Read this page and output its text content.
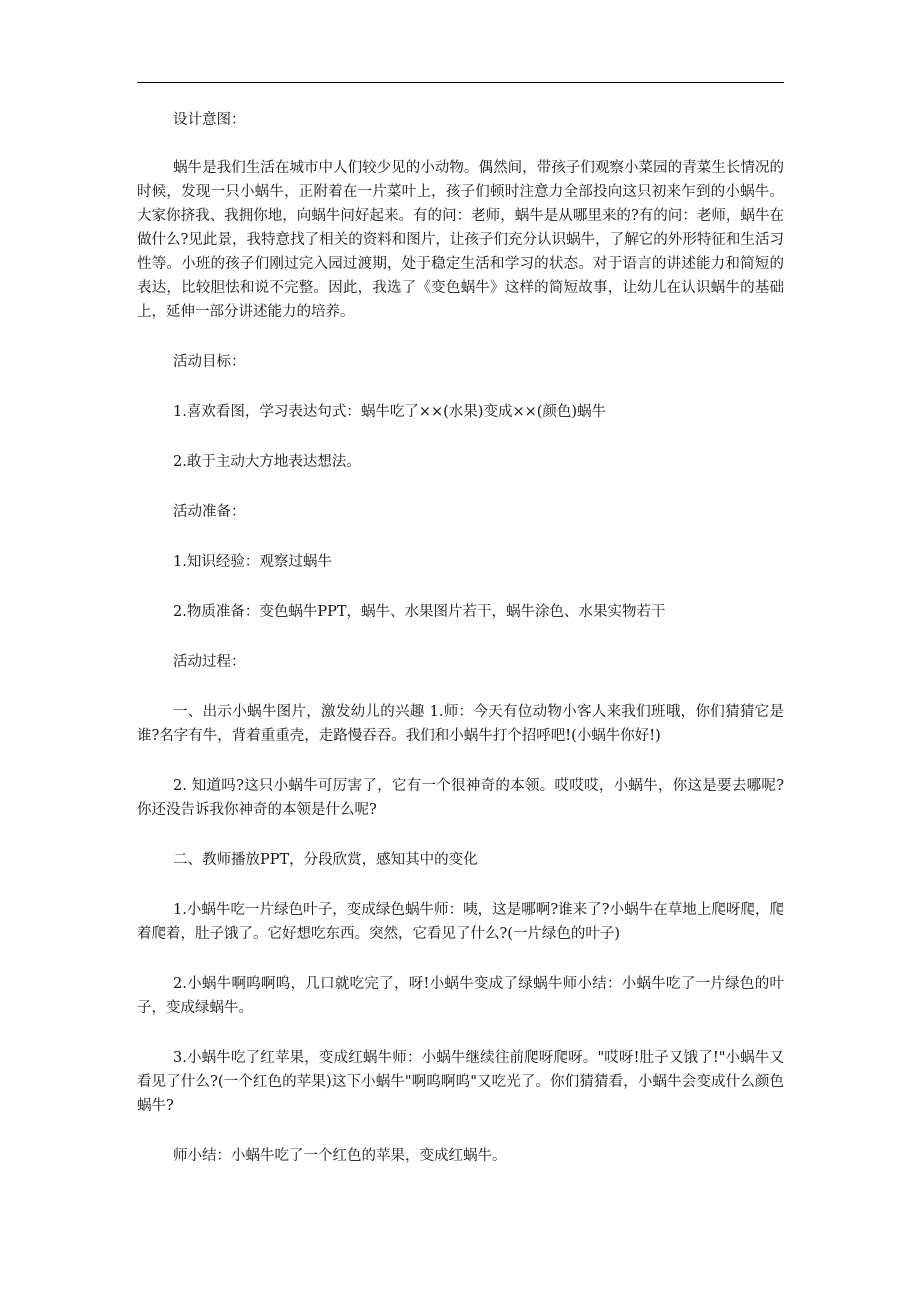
设计意图：

蜗牛是我们生活在城市中人们较少见的小动物。偶然间，带孩子们观察小菜园的青菜生长情况的时候，发现一只小蜗牛，正附着在一片菜叶上，孩子们顿时注意力全部投向这只初来乍到的小蜗牛。 大家你挤我、我拥你地，向蜗牛问好起来。有的问：老师，蜗牛是从哪里来的?有的问：老师，蜗牛在做什么?见此景，我特意找了相关的资料和图片，让孩子们充分认识蜗牛，了解它的外形特征和生活习性等。小班的孩子们刚过完入园过渡期，处于稳定生活和学习的状态。对于语言的讲述能力和简短的表达，比较胆怯和说不完整。因此，我选了《变色蜗牛》这样的简短故事，让幼儿在认识蜗牛的基础上，延伸一部分讲述能力的培养。

活动目标：

1.喜欢看图，学习表达句式：蜗牛吃了××(水果)变成××(颜色)蜗牛

2.敢于主动大方地表达想法。

活动准备：

1.知识经验：观察过蜗牛

2.物质准备：变色蜗牛PPT，蜗牛、水果图片若干，蜗牛涂色、水果实物若干

活动过程：

一、出示小蜗牛图片，激发幼儿的兴趣 1.师：今天有位动物小客人来我们班哦，你们猜猜它是谁?名字有牛，背着重重壳，走路慢吞吞。我们和小蜗牛打个招呼吧!(小蜗牛你好!)

2. 知道吗?这只小蜗牛可厉害了，它有一个很神奇的本领。哎哎哎，小蜗牛，你这是要去哪呢?你还没告诉我你神奇的本领是什么呢?

二、教师播放PPT，分段欣赏，感知其中的变化

1.小蜗牛吃一片绿色叶子，变成绿色蜗牛师：咦，这是哪啊?谁来了?小蜗牛在草地上爬呀爬，爬着爬着，肚子饿了。它好想吃东西。突然，它看见了什么?(一片绿色的叶子)

2.小蜗牛啊呜啊呜，几口就吃完了，呀!小蜗牛变成了绿蜗牛师小结：小蜗牛吃了一片绿色的叶子，变成绿蜗牛。

3.小蜗牛吃了红苹果，变成红蜗牛师：小蜗牛继续往前爬呀爬呀。"哎呀!肚子又饿了!"小蜗牛又看见了什么?(一个红色的苹果)这下小蜗牛"啊呜啊呜"又吃光了。你们猜猜看，小蜗牛会变成什么颜色蜗牛?

师小结：小蜗牛吃了一个红色的苹果，变成红蜗牛。
